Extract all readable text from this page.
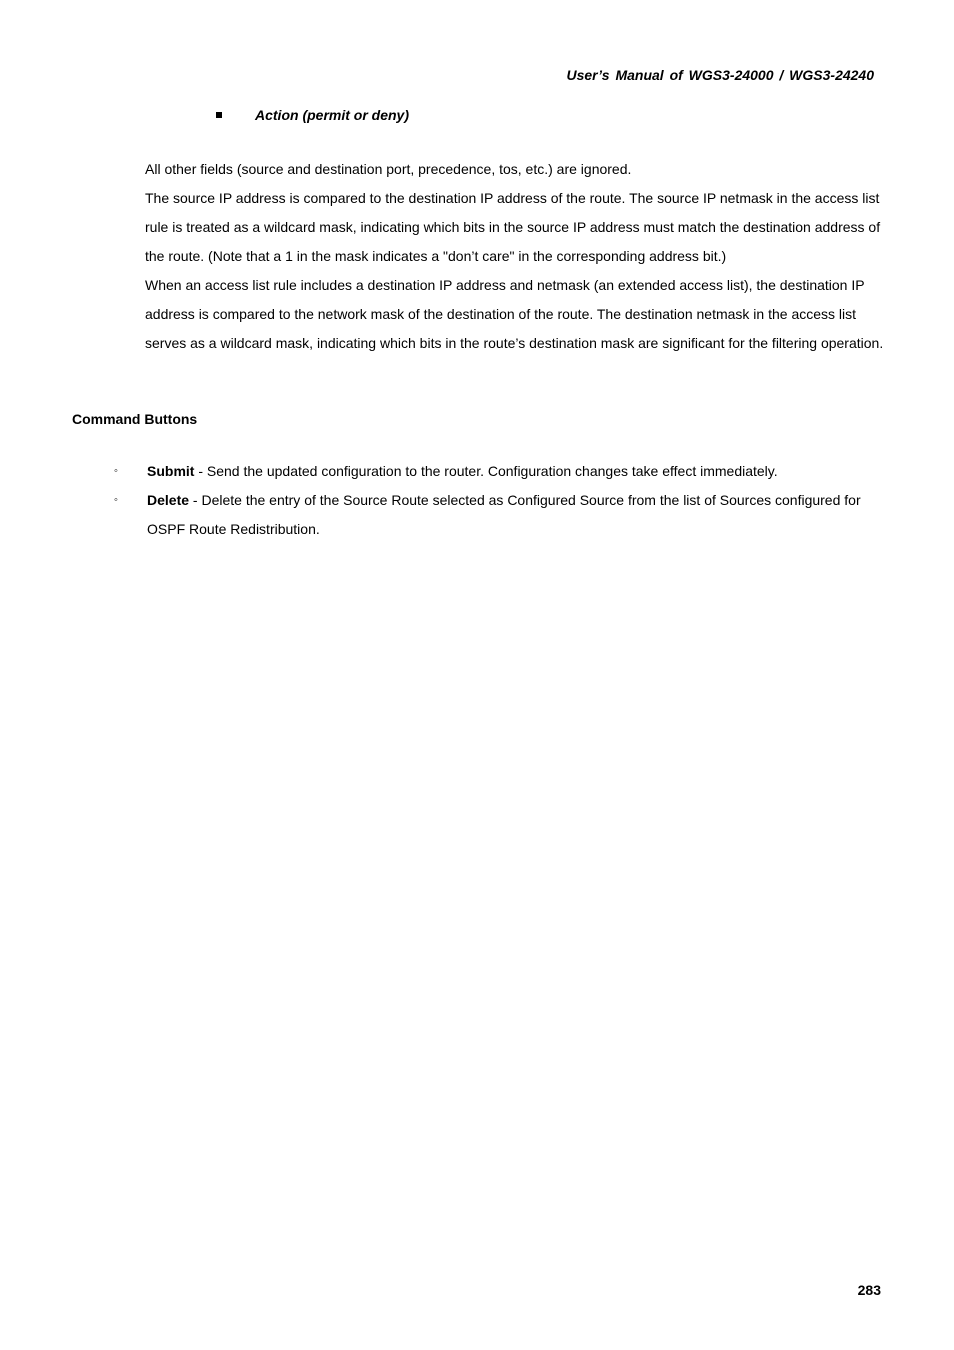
User’s Manual of WGS3-24000 / WGS3-24240
Action (permit or deny)

All other fields (source and destination port, precedence, tos, etc.) are ignored.

The source IP address is compared to the destination IP address of the route. The source IP netmask in the access list rule is treated as a wildcard mask, indicating which bits in the source IP address must match the destination address of the route. (Note that a 1 in the mask indicates a "don’t care" in the corresponding address bit.)

When an access list rule includes a destination IP address and netmask (an extended access list), the destination IP address is compared to the network mask of the destination of the route. The destination netmask in the access list serves as a wildcard mask, indicating which bits in the route’s destination mask are significant for the filtering operation.

Command Buttons
◦ Submit - Send the updated configuration to the router. Configuration changes take effect immediately.
◦ Delete - Delete the entry of the Source Route selected as Configured Source from the list of Sources configured for OSPF Route Redistribution.
283
